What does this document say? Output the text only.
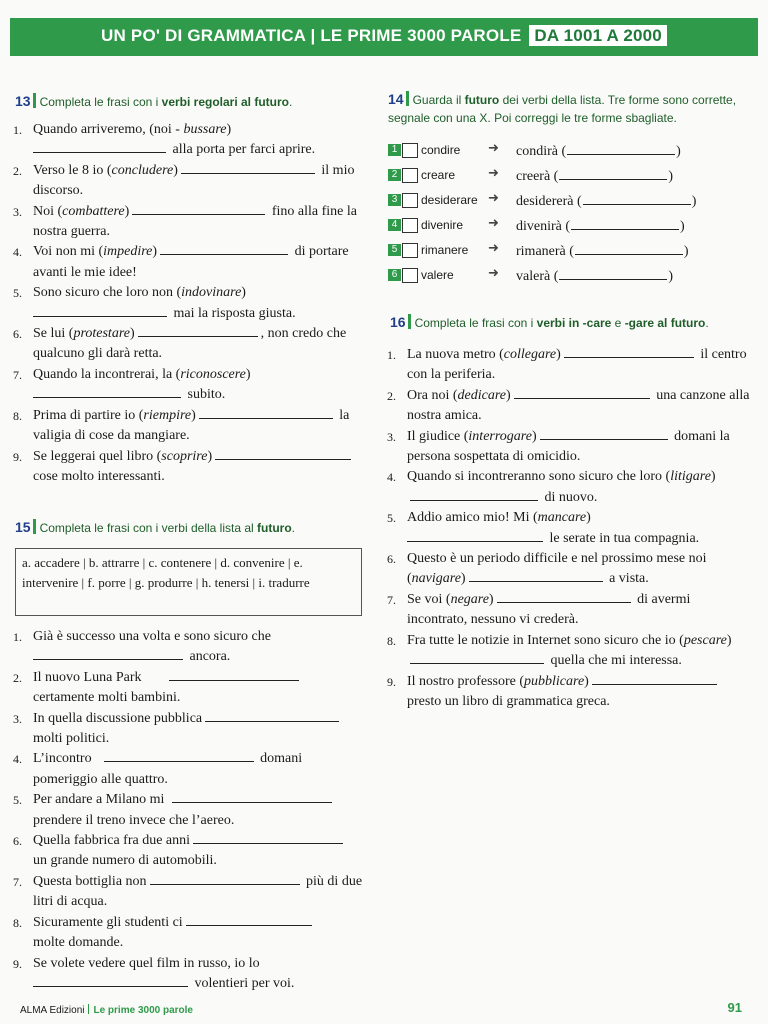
UN PO' DI GRAMMATICA | LE PRIME 3000 PAROLE DA 1001 A 2000
13 Completa le frasi con i verbi regolari al futuro.
1. Quando arriveremo, (noi - bussare)
alla porta per farci aprire.
2. Verso le 8 io (concludere)	il mio discorso.
3. Noi (combattere)	fino alla fine la nostra guerra.
4. Voi non mi (impedire)	di portare avanti le mie idee!
5. Sono sicuro che loro non (indovinare)
mai la risposta giusta.
6. Se lui (protestare)	, non credo che qualcuno gli darà retta.
7. Quando la incontrerai, la (riconoscere)
subito.
8. Prima di partire io (riempire)	la valigia di cose da mangiare.
9. Se leggerai quel libro (scoprire) cose molto interessanti.
15 Completa le frasi con i verbi della lista al futuro.
a. accadere | b. attrarre | c. contenere | d. convenire | e. intervenire | f. porre | g. produrre | h. tenersi | i. tradurre
1. Già è successo una volta e sono sicuro che
ancora.
2. Il nuovo Luna Park
certamente molti bambini.
3. In quella discussione pubblica
molti politici.
4. L’incontro	domani pomeriggio alle quattro.
5. Per andare a Milano mi
prendere il treno invece che l’aereo.
6. Quella fabbrica fra due anni
un grande numero di automobili.
7. Questa bottiglia non	più di due litri di acqua.
8. Sicuramente gli studenti ci
molte domande.
9. Se volete vedere quel film in russo, io lo
volentieri per voi.
14 Guarda il futuro dei verbi della lista. Tre forme sono corrette, segnale con una X. Poi correggi le tre forme sbagliate.
1	condire ➜ condirà (	)
2	creare	➜ creerà (	)
3	desiderare ➜ desidererà (	)
4	divenire ➜ divenirà (	)
5	rimanere ➜ rimanerà (	)
6	valere	➜ valerà (	)
16 Completa le frasi con i verbi in -care e -gare al futuro.
1. La nuova metro (collegare)	il centro con la periferia.
2. Ora noi (dedicare)	una canzone alla nostra amica.
3. Il giudice (interrogare)	domani la persona sospettata di omicidio.
4. Quando si incontreranno sono sicuro che loro (litigare) di nuovo.
5. Addio amico mio! Mi (mancare)
le serate in tua compagnia.
6. Questo è un periodo difficile e nel prossimo mese noi (navigare)	a vista.
7. Se voi (negare)	di avermi incontrato, nessuno vi crederà.
8. Fra tutte le notizie in Internet sono sicuro che io (pescare) quella che mi interessa.
9. Il nostro professore (pubblicare) presto un libro di grammatica greca.
ALMA Edizioni Le prime 3000 parole	91
